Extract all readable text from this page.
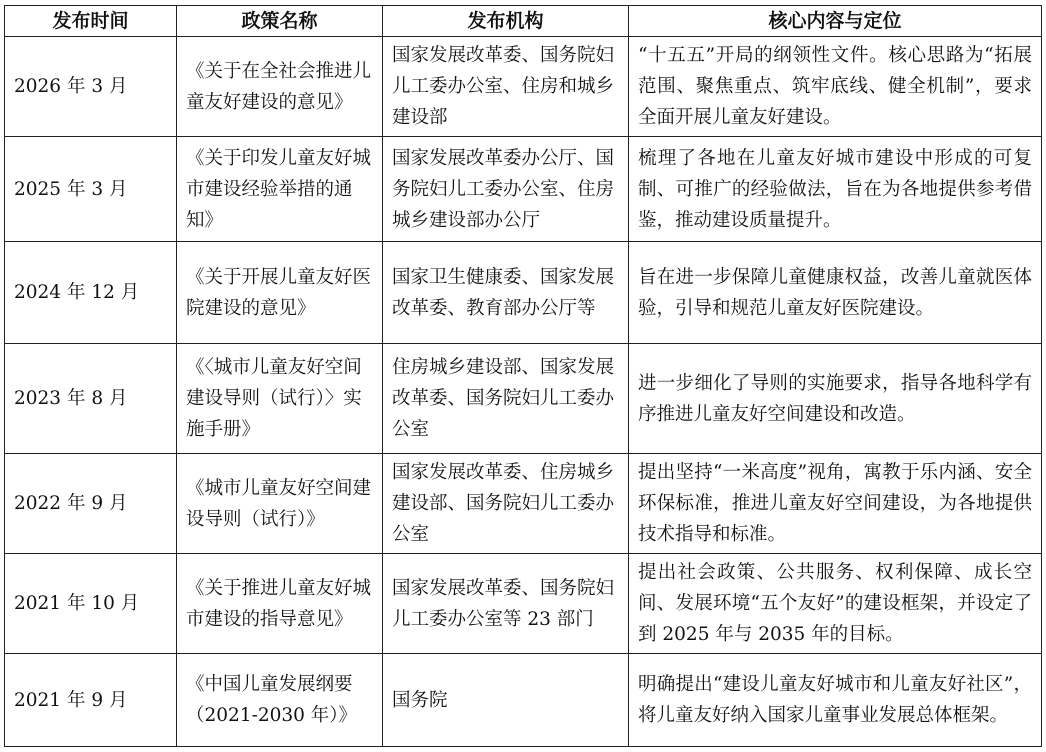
发布时间	政策名称	发布机构	核心内容与定位
2026 年 3 月	《关于在全社会推进儿童友好建设的意见》	国家发展改革委、国务院妇儿工委办公室、住房和城乡建设部	“十五五”开局的纲领性文件。核心思路为“拓展范围、聚焦重点、筑牢底线、健全机制”，要求全面开展儿童友好建设。
2025 年 3 月	《关于印发儿童友好城市建设经验举措的通知》	国家发展改革委办公厅、国务院妇儿工委办公室、住房城乡建设部办公厅	梳理了各地在儿童友好城市建设中形成的可复制、可推广的经验做法，旨在为各地提供参考借鉴，推动建设质量提升。
2024 年 12 月	《关于开展儿童友好医院建设的意见》	国家卫生健康委、国家发展改革委、教育部办公厅等	旨在进一步保障儿童健康权益，改善儿童就医体验，引导和规范儿童友好医院建设。
2023 年 8 月	《〈城市儿童友好空间建设导则（试行）〉实施手册》	住房城乡建设部、国家发展改革委、国务院妇儿工委办公室	进一步细化了导则的实施要求，指导各地科学有序推进儿童友好空间建设和改造。
2022 年 9 月	《城市儿童友好空间建设导则（试行）》	国家发展改革委、住房城乡建设部、国务院妇儿工委办公室	提出坚持“一米高度”视角，寓教于乐内涵、安全环保标准，推进儿童友好空间建设，为各地提供技术指导和标准。
2021 年 10 月	《关于推进儿童友好城市建设的指导意见》	国家发展改革委、国务院妇儿工委办公室等 23 部门	提出社会政策、公共服务、权利保障、成长空间、发展环境“五个友好”的建设框架，并设定了到 2025 年与 2035 年的目标。
2021 年 9 月	《中国儿童发展纲要（2021-2030 年）》	国务院	明确提出“建设儿童友好城市和儿童友好社区”，将儿童友好纳入国家儿童事业发展总体框架。
